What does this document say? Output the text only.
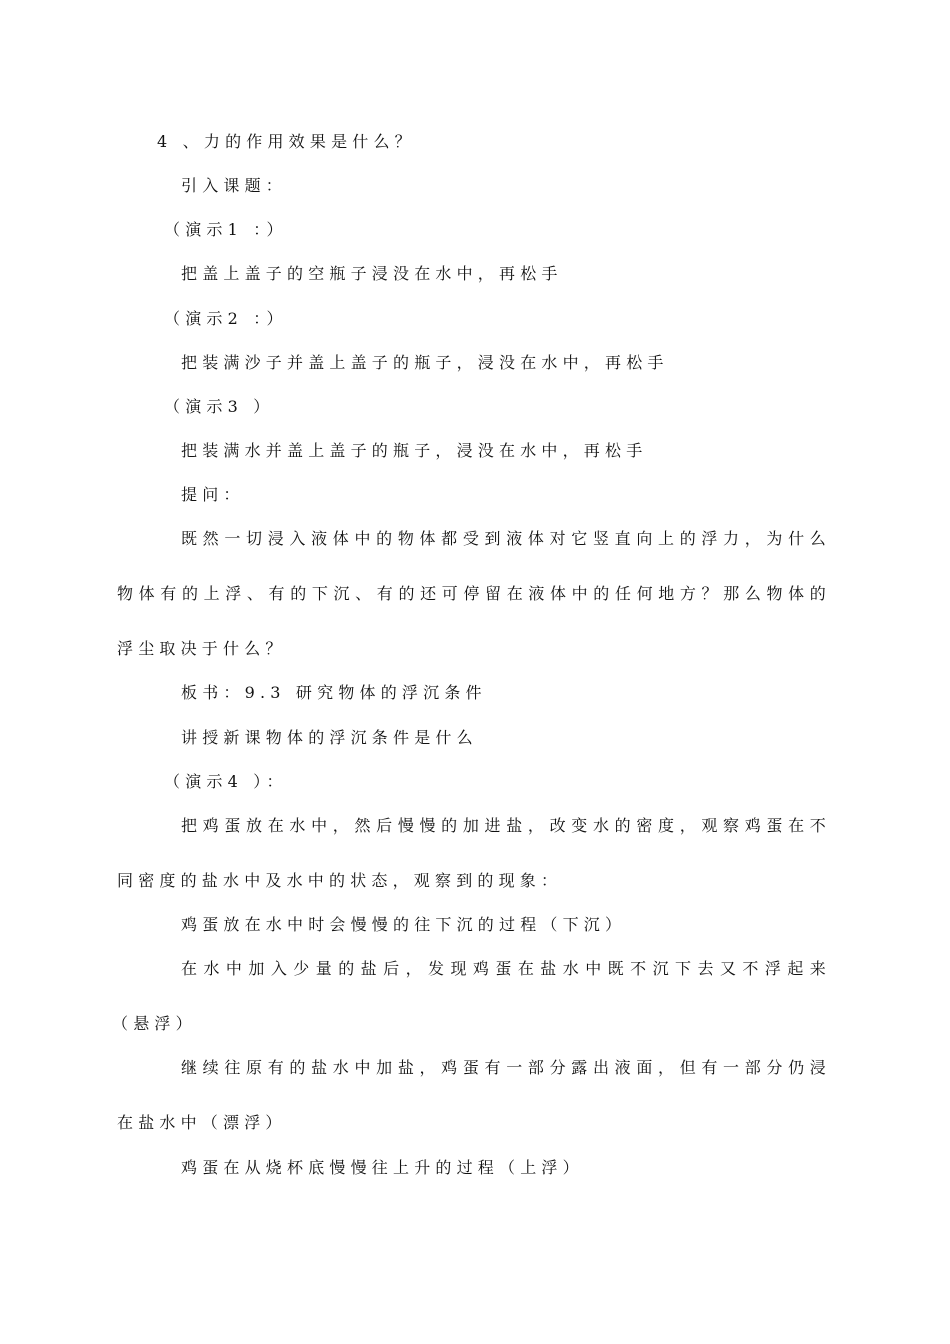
4 、力的作用效果是什么？
引入课题：
（演示1 ：）
把盖上盖子的空瓶子浸没在水中，再松手
（演示2 ：）
把装满沙子并盖上盖子的瓶子，浸没在水中，再松手
（演示3 ）
把装满水并盖上盖子的瓶子，浸没在水中，再松手
提问：
既然一切浸入液体中的物体都受到液体对它竖直向上的浮力，为什么
物体有的上浮、有的下沉、有的还可停留在液体中的任何地方？那么物体的
浮尘取决于什么？
板书：9.3 研究物体的浮沉条件
讲授新课物体的浮沉条件是什么
（演示4 ）：
把鸡蛋放在水中，然后慢慢的加进盐，改变水的密度，观察鸡蛋在不
同密度的盐水中及水中的状态，观察到的现象：
鸡蛋放在水中时会慢慢的往下沉的过程（下沉）
在水中加入少量的盐后，发现鸡蛋在盐水中既不沉下去又不浮起来
（悬浮）
继续往原有的盐水中加盐，鸡蛋有一部分露出液面，但有一部分仍浸
在盐水中（漂浮）
鸡蛋在从烧杯底慢慢往上升的过程（上浮）
